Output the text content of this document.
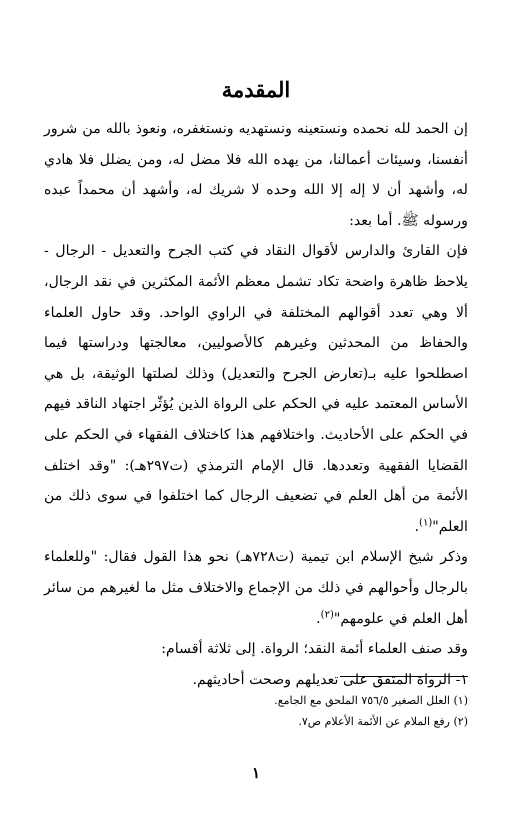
المقدمة

إن الحمد لله نحمده ونستعينه ونستهديه ونستغفره، ونعوذ بالله من شرور أنفسنا، وسيئات أعمالنا، من يهده الله فلا مضل له، ومن يضلل فلا هادي له، وأشهد أن لا إله إلا الله وحده لا شريك له، وأشهد أن محمداً عبده ورسوله ﷺ. أما بعد:

فإن القارئ والدارس لأقوال النقاد في كتب الجرح والتعديل - الرجال - يلاحظ ظاهرة واضحة تكاد تشمل معظم الأئمة المكثرين في نقد الرجال، ألا وهي تعدد أقوالهم المختلفة في الراوي الواحد. وقد حاول العلماء والحفاظ من المحدثين وغيرهم كالأصوليين، معالجتها ودراستها فيما اصطلحوا عليه بـ(تعارض الجرح والتعديل) وذلك لصلتها الوثيقة، بل هي الأساس المعتمد عليه في الحكم على الرواة الذين يُؤثّر اجتهاد الناقد فيهم في الحكم على الأحاديث. واختلافهم هذا كاختلاف الفقهاء في الحكم على القضايا الفقهية وتعددها. قال الإمام الترمذي (ت٢٩٧هـ): "وقد اختلف الأئمة من أهل العلم في تضعيف الرجال كما اختلفوا في سوى ذلك من العلم"$^{(١)}$.

وذكر شيخ الإسلام ابن تيمية (ت٧٢٨هـ) نحو هذا القول فقال: "وللعلماء بالرجال وأحوالهم في ذلك من الإجماع والاختلاف مثل ما لغيرهم من سائر أهل العلم في علومهم"$^{(٢)}$.

وقد صنف العلماء أئمة النقد؛ الرواة. إلى ثلاثة أقسام:

١- الرواة المتفق على تعديلهم وصحت أحاديثهم.

(١) العلل الصغير ٧٥٦/٥ الملحق مع الجامع.

(٢) رفع الملام عن الأئمة الأعلام ص٧.

١
